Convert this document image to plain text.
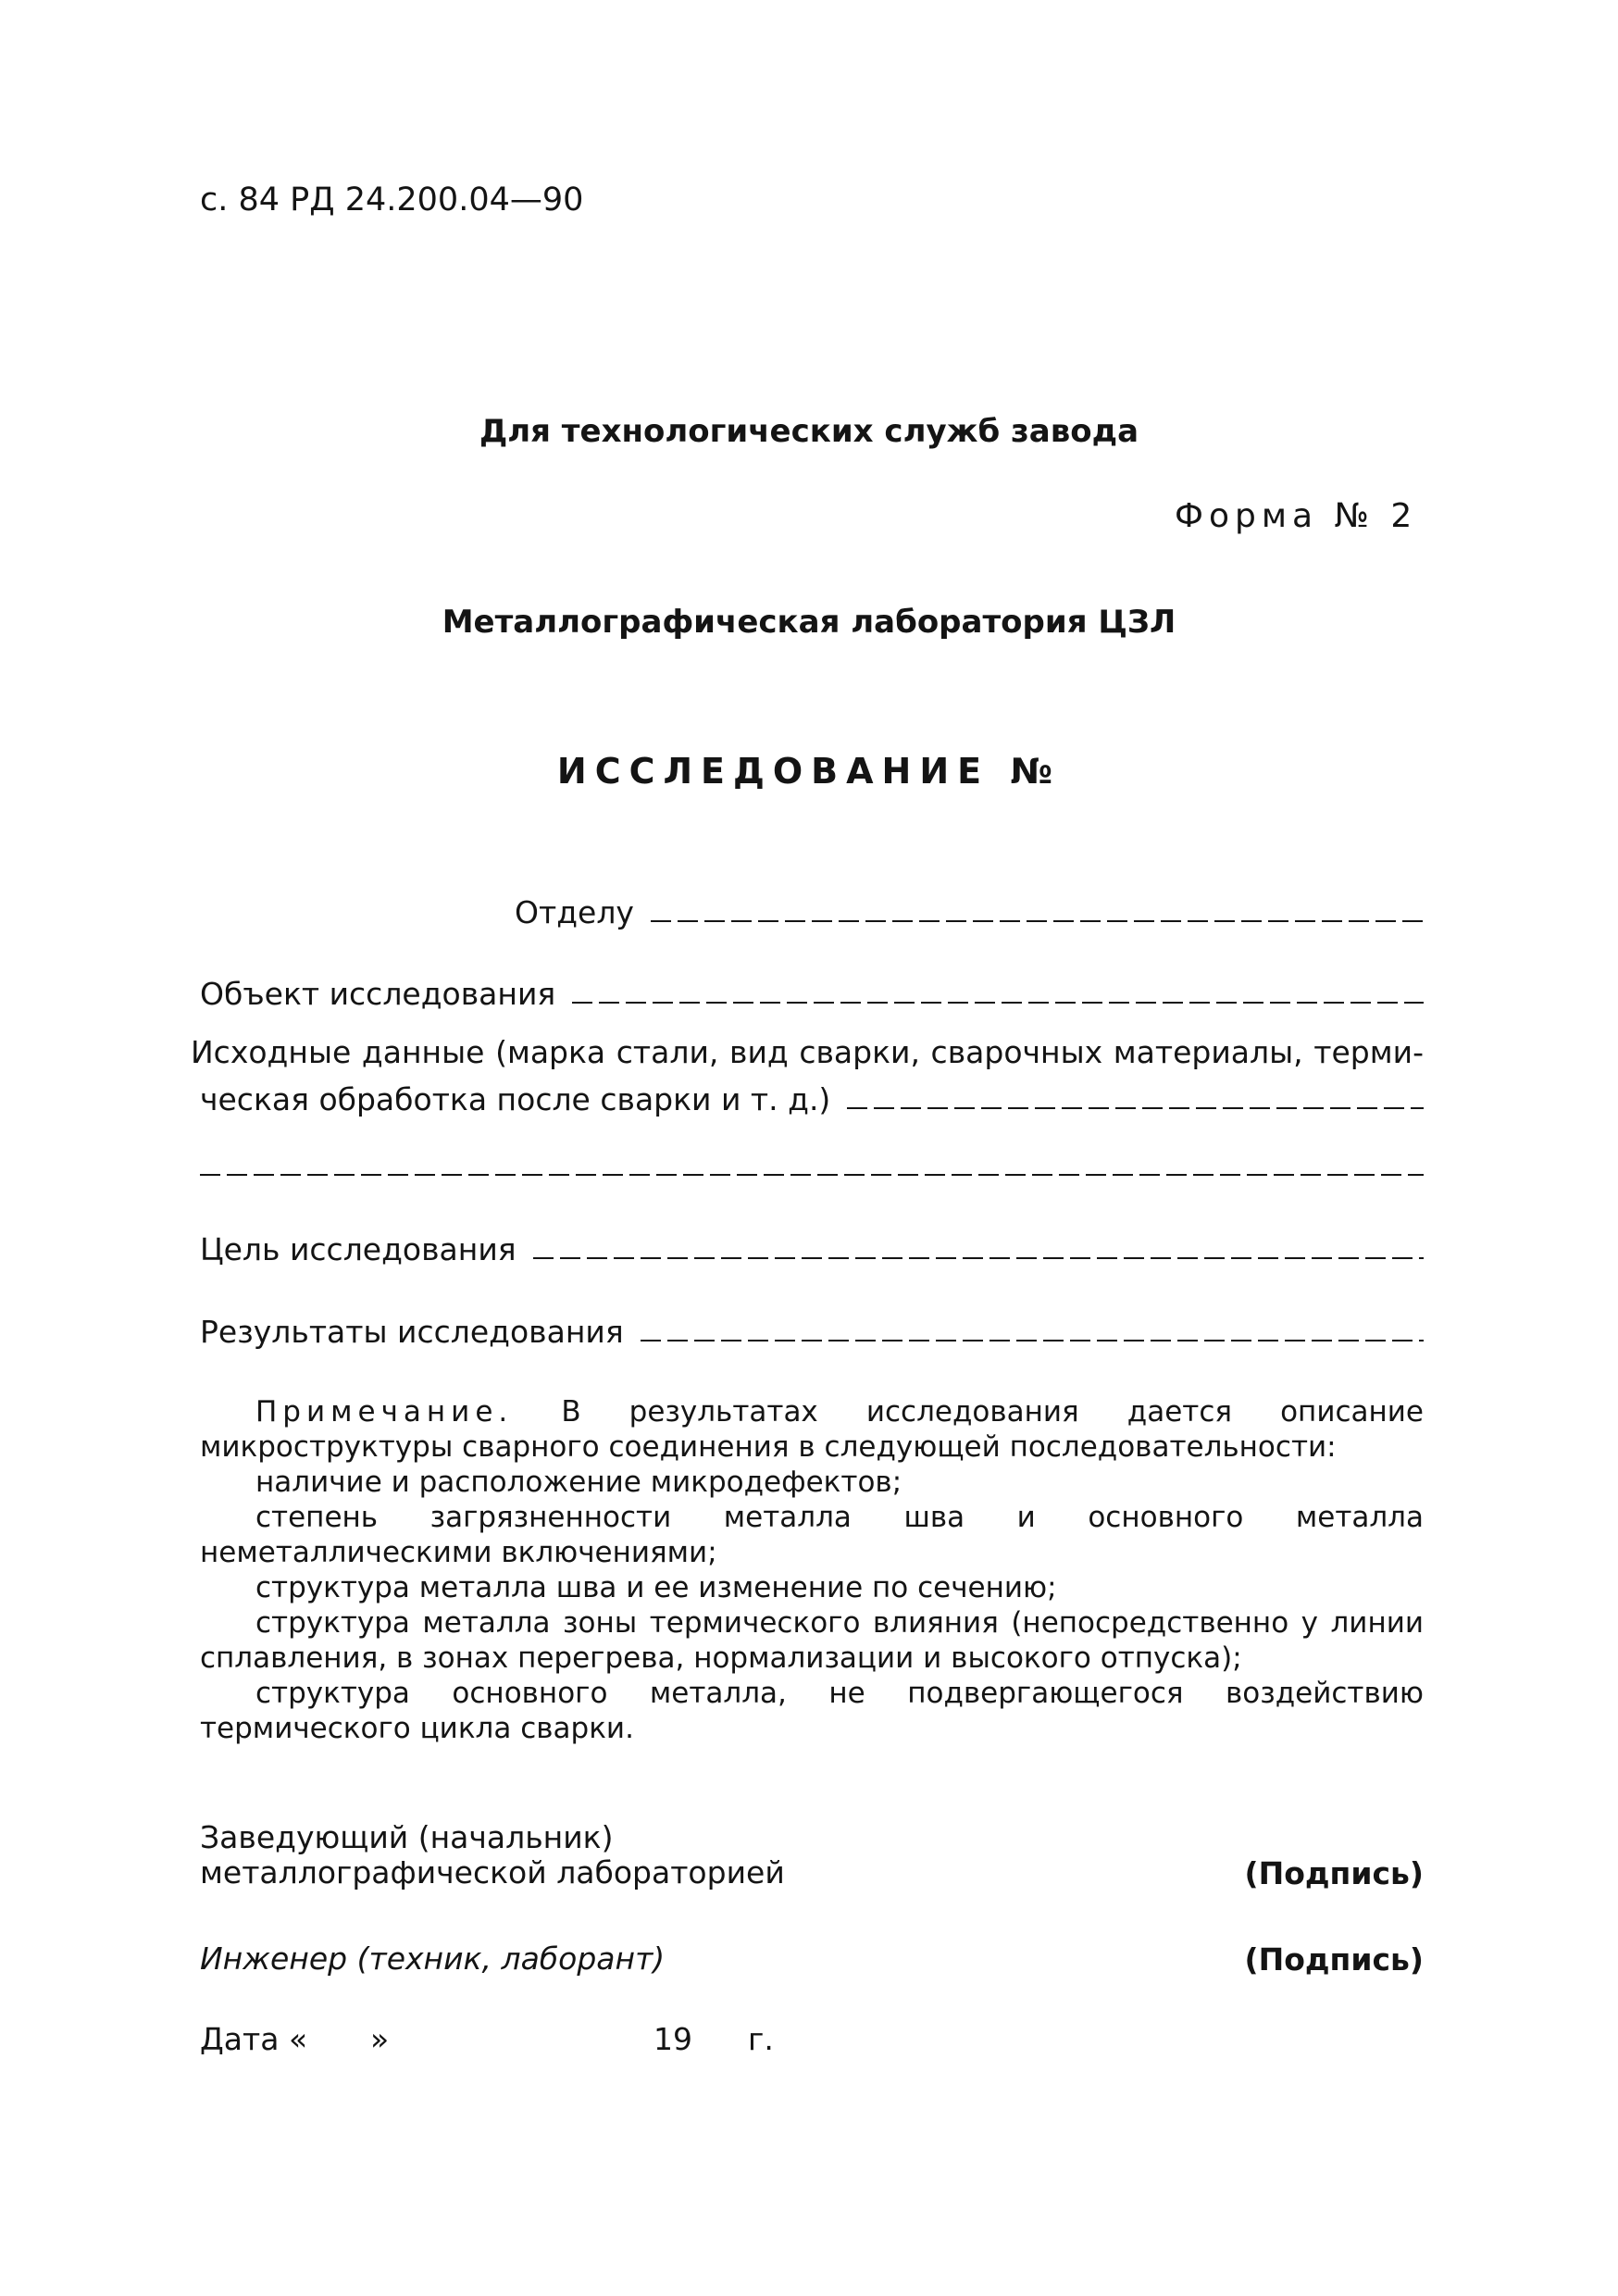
с. 84 РД 24.200.04—90
Для технологических служб завода
Форма № 2
Металлографическая лаборатория ЦЗЛ
ИССЛЕДОВАНИЕ №
Отделу
Объект исследования
Исходные данные (марка стали, вид сварки, сварочных материалы, терми-
ческая обработка после сварки и т. д.)
Цель исследования
Результаты исследования

Примечание. В результатах исследования дается описание микроструктуры сварного соединения в следующей последовательности:

наличие и расположение микродефектов;

степень загрязненности металла шва и основного металла неметаллическими включениями;

структура металла шва и ее изменение по сечению;

структура металла зоны термического влияния (непосредственно у линии сплавления, в зонах перегрева, нормализации и высокого отпуска);

структура основного металла, не подвергающегося воздействию термического цикла сварки.

Заведующий (начальник)
металлографической лабораторией	(Подпись)
Инженер (техник, лаборант)	(Подпись)
Дата « »	19 г.
